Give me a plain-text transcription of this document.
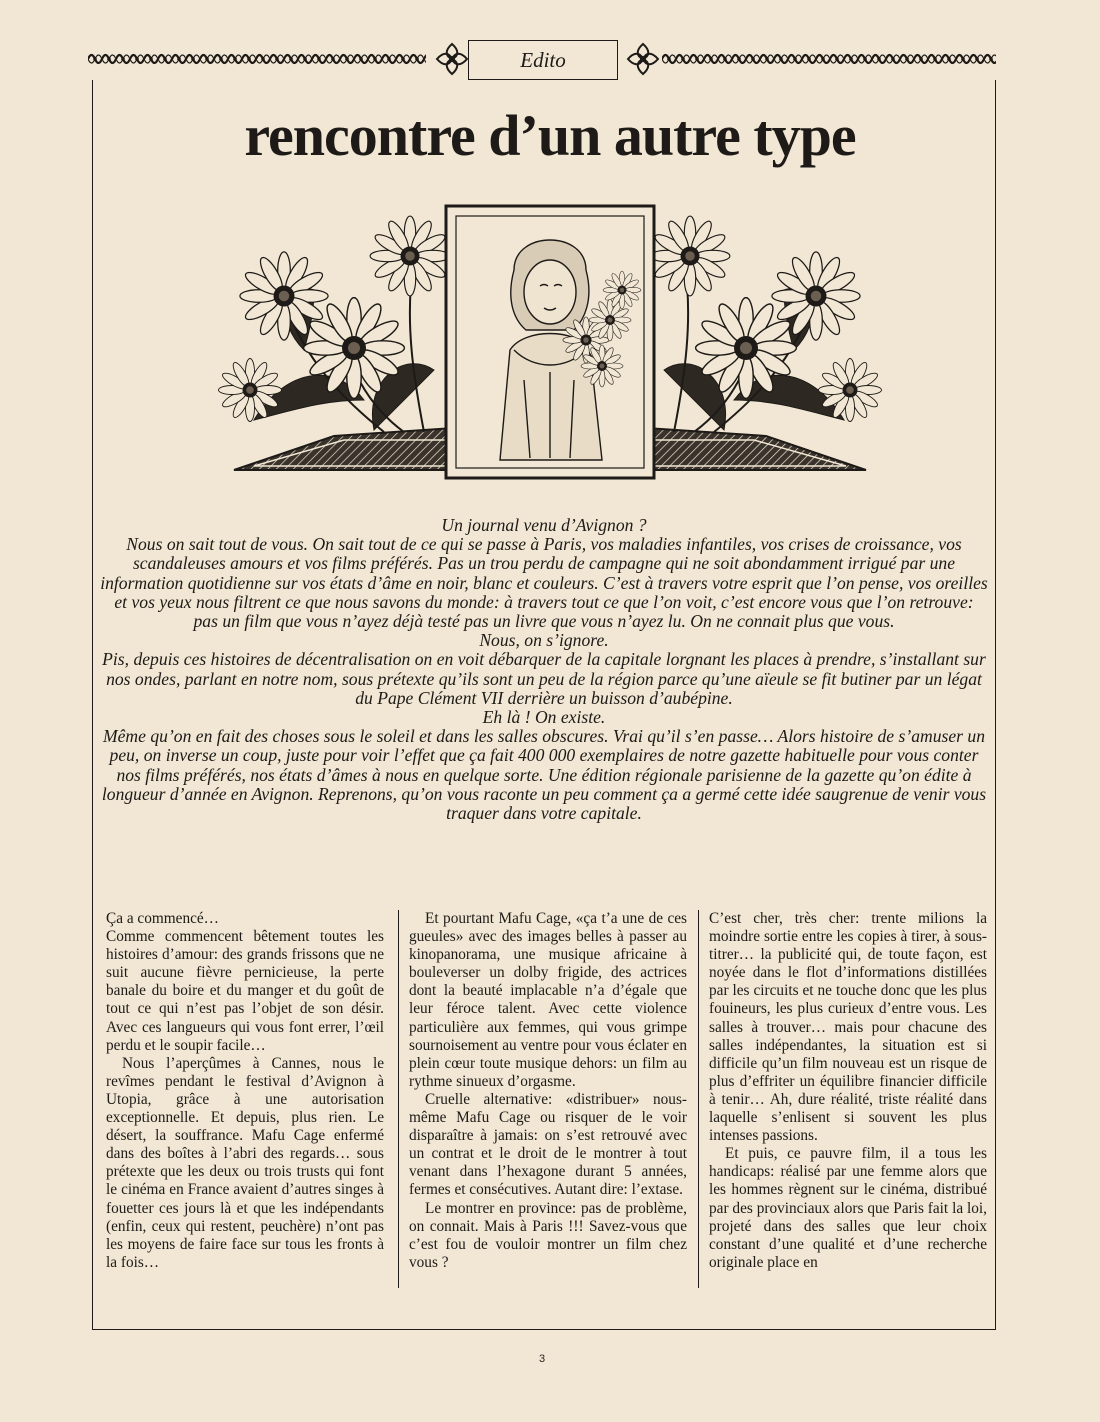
Edito
rencontre d’un autre type

Un journal venu d’Avignon ?

Nous on sait tout de vous. On sait tout de ce qui se passe à Paris, vos maladies infantiles, vos crises de croissance, vos scandaleuses amours et vos films préférés. Pas un trou perdu de campagne qui ne soit abondamment irrigué par une information quotidienne sur vos états d’âme en noir, blanc et couleurs. C’est à travers votre esprit que l’on pense, vos oreilles et vos yeux nous filtrent ce que nous savons du monde: à travers tout ce que l’on voit, c’est encore vous que l’on retrouve: pas un film que vous n’ayez déjà testé pas un livre que vous n’ayez lu. On ne connait plus que vous.

Nous, on s’ignore.

Pis, depuis ces histoires de décentralisation on en voit débarquer de la capitale lorgnant les places à prendre, s’installant sur nos ondes, parlant en notre nom, sous prétexte qu’ils sont un peu de la région parce qu’une aïeule se fit butiner par un légat du Pape Clément VII derrière un buisson d’aubépine.

Eh là ! On existe.

Même qu’on en fait des choses sous le soleil et dans les salles obscures. Vrai qu’il s’en passe… Alors histoire de s’amuser un peu, on inverse un coup, juste pour voir l’effet que ça fait 400 000 exemplaires de notre gazette habituelle pour vous conter nos films préférés, nos états d’âmes à nous en quelque sorte. Une édition régionale parisienne de la gazette qu’on édite à longueur d’année en Avignon. Reprenons, qu’on vous raconte un peu comment ça a germé cette idée saugrenue de venir vous traquer dans votre capitale.

Ça a commencé…

Comme commencent bêtement toutes les histoires d’amour: des grands frissons que ne suit aucune fièvre pernicieuse, la perte banale du boire et du manger et du goût de tout ce qui n’est pas l’objet de son désir. Avec ces langueurs qui vous font errer, l’œil perdu et le soupir facile…

Nous l’aperçûmes à Cannes, nous le revîmes pendant le festival d’Avignon à Utopia, grâce à une autorisation exceptionnelle. Et depuis, plus rien. Le désert, la souffrance. Mafu Cage enfermé dans des boîtes à l’abri des regards… sous prétexte que les deux ou trois trusts qui font le cinéma en France avaient d’autres singes à fouetter ces jours là et que les indépendants (enfin, ceux qui restent, peuchère) n’ont pas les moyens de faire face sur tous les fronts à la fois…

Et pourtant Mafu Cage, «ça t’a une de ces gueules» avec des images belles à passer au kinopanorama, une musique africaine à bouleverser un dolby frigide, des actrices dont la beauté implacable n’a d’égale que leur féroce talent. Avec cette violence particulière aux femmes, qui vous grimpe sournoisement au ventre pour vous éclater en plein cœur toute musique dehors: un film au rythme sinueux d’orgasme.

Cruelle alternative: «distribuer» nous-même Mafu Cage ou risquer de le voir disparaître à jamais: on s’est retrouvé avec un contrat et le droit de le montrer à tout venant dans l’hexagone durant 5 années, fermes et consécutives. Autant dire: l’extase.

Le montrer en province: pas de problème, on connait. Mais à Paris !!! Savez-vous que c’est fou de vouloir montrer un film chez vous ?

C’est cher, très cher: trente milions la moindre sortie entre les copies à tirer, à sous-titrer… la publicité qui, de toute façon, est noyée dans le flot d’informations distillées par les circuits et ne touche donc que les plus fouineurs, les plus curieux d’entre vous. Les salles à trouver… mais pour chacune des salles indépendantes, la situation est si difficile qu’un film nouveau est un risque de plus d’effriter un équilibre financier difficile à tenir… Ah, dure réalité, triste réalité dans laquelle s’enlisent si souvent les plus intenses passions.

Et puis, ce pauvre film, il a tous les handicaps: réalisé par une femme alors que les hommes règnent sur le cinéma, distribué par des provinciaux alors que Paris fait la loi, projeté dans des salles que leur choix constant d’une qualité et d’une recherche originale place en

3
